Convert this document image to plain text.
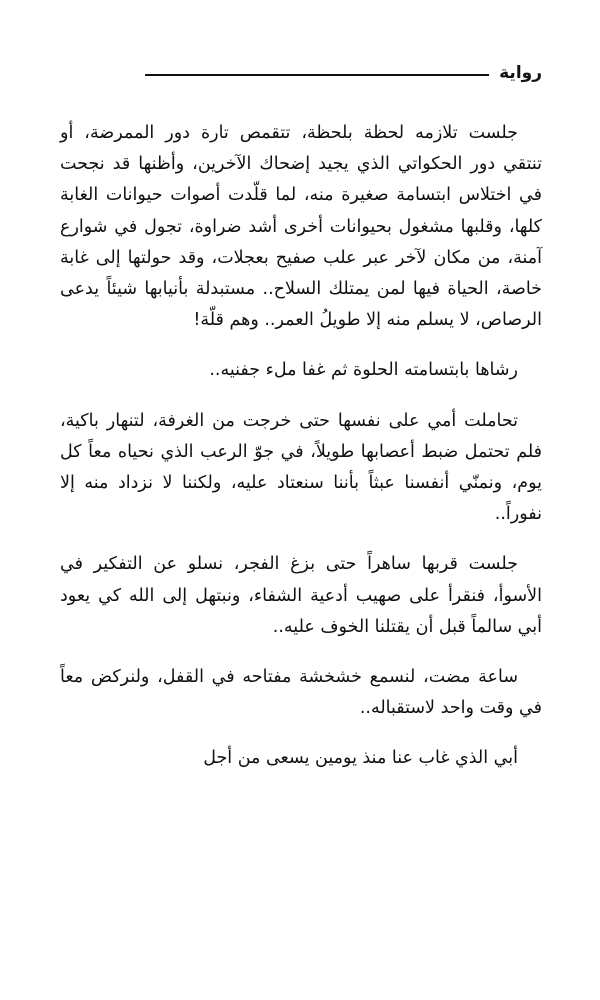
رواية

جلست تلازمه لحظة بلحظة، تتقمص تارة دور الممرضة، أو تنتقي دور الحكواتي الذي يجيد إضحاك الآخرين، وأظنها قد نجحت في اختلاس ابتسامة صغيرة منه، لما قلّدت أصوات حيوانات الغابة كلها، وقلبها مشغول بحيوانات أخرى أشد ضراوة، تجول في شوارع آمنة، من مكان لآخر عبر علب صفيح بعجلات، وقد حولتها إلى غابة خاصة، الحياة فيها لمن يمتلك السلاح.. مستبدلة بأنيابها شيئاً يدعى الرصاص، لا يسلم منه إلا طويلُ العمر.. وهم قلّة!

رشاها بابتسامته الحلوة ثم غفا ملء جفنيه..

تحاملت أمي على نفسها حتى خرجت من الغرفة، لتنهار باكية، فلم تحتمل ضبط أعصابها طويلاً، في جوّ الرعب الذي نحياه معاً كل يوم، ونمنّي أنفسنا عبثاً بأننا سنعتاد عليه، ولكننا لا نزداد منه إلا نفوراً..

جلست قربها ساهراً حتى بزغ الفجر، نسلو عن التفكير في الأسوأ، فنقرأ على صهيب أدعية الشفاء، ونبتهل إلى الله كي يعود أبي سالماً قبل أن يقتلنا الخوف عليه..

ساعة مضت، لنسمع خشخشة مفتاحه في القفل، ولنركض معاً في وقت واحد لاستقباله..

أبي الذي غاب عنا منذ يومين يسعى من أجل
